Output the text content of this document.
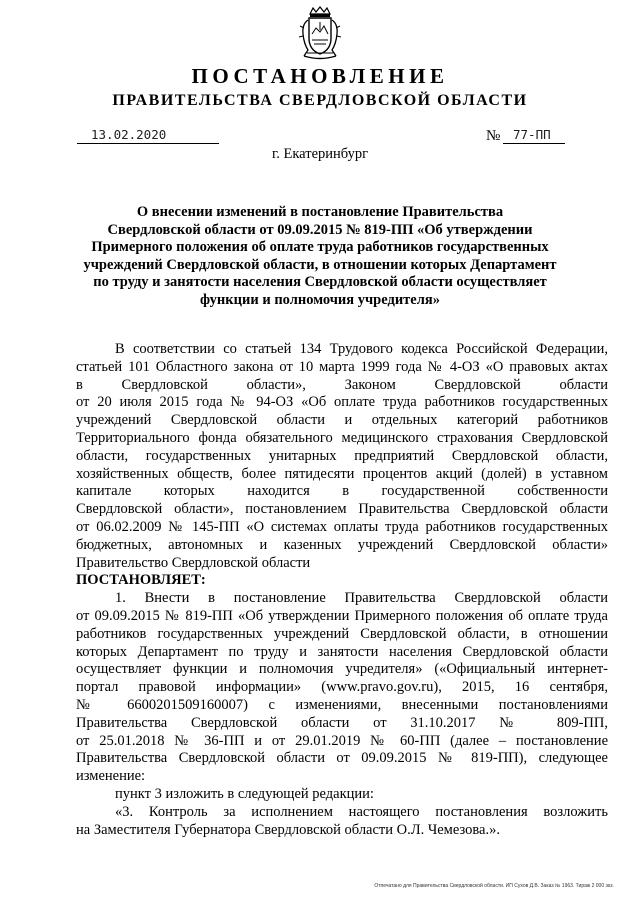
ПОСТАНОВЛЕНИЕ
ПРАВИТЕЛЬСТВА СВЕРДЛОВСКОЙ ОБЛАСТИ
13.02.2020	№ 77-ПП
г. Екатеринбург
О внесении изменений в постановление Правительства
Свердловской области от 09.09.2015 № 819-ПП «Об утверждении
Примерного положения об оплате труда работников государственных
учреждений Свердловской области, в отношении которых Департамент
по труду и занятости населения Свердловской области осуществляет
функции и полномочия учредителя»
В соответствии со статьей 134 Трудового кодекса Российской Федерации,
статьей 101 Областного закона от 10 марта 1999 года № 4-ОЗ «О правовых актах
в Свердловской области», Законом Свердловской области
от 20 июля 2015 года № 94-ОЗ «Об оплате труда работников государственных
учреждений Свердловской области и отдельных категорий работников
Территориального фонда обязательного медицинского страхования Свердловской
области, государственных унитарных предприятий Свердловской области,
хозяйственных обществ, более пятидесяти процентов акций (долей) в уставном
капитале которых находится в государственной собственности
Свердловской области», постановлением Правительства Свердловской области
от 06.02.2009 № 145-ПП «О системах оплаты труда работников государственных
бюджетных, автономных и казенных учреждений Свердловской области»
Правительство Свердловской области
ПОСТАНОВЛЯЕТ:
1. Внести в постановление Правительства Свердловской области
от 09.09.2015 № 819-ПП «Об утверждении Примерного положения об оплате труда
работников государственных учреждений Свердловской области, в отношении
которых Департамент по труду и занятости населения Свердловской области
осуществляет функции и полномочия учредителя» («Официальный интернет-
портал правовой информации» (www.pravo.gov.ru), 2015, 16 сентября,
№ 6600201509160007) с изменениями, внесенными постановлениями
Правительства Свердловской области от 31.10.2017 № 809-ПП,
от 25.01.2018 № 36-ПП и от 29.01.2019 № 60-ПП (далее – постановление
Правительства Свердловской области от 09.09.2015 № 819-ПП), следующее
изменение:
пункт 3 изложить в следующей редакции:
«3. Контроль за исполнением настоящего постановления возложить
на Заместителя Губернатора Свердловской области О.Л. Чемезова.».
Отпечатано для Правительства Свердловской области. ИП Сухов Д.В. Заказ № 1963. Тираж 2 000 экз.
